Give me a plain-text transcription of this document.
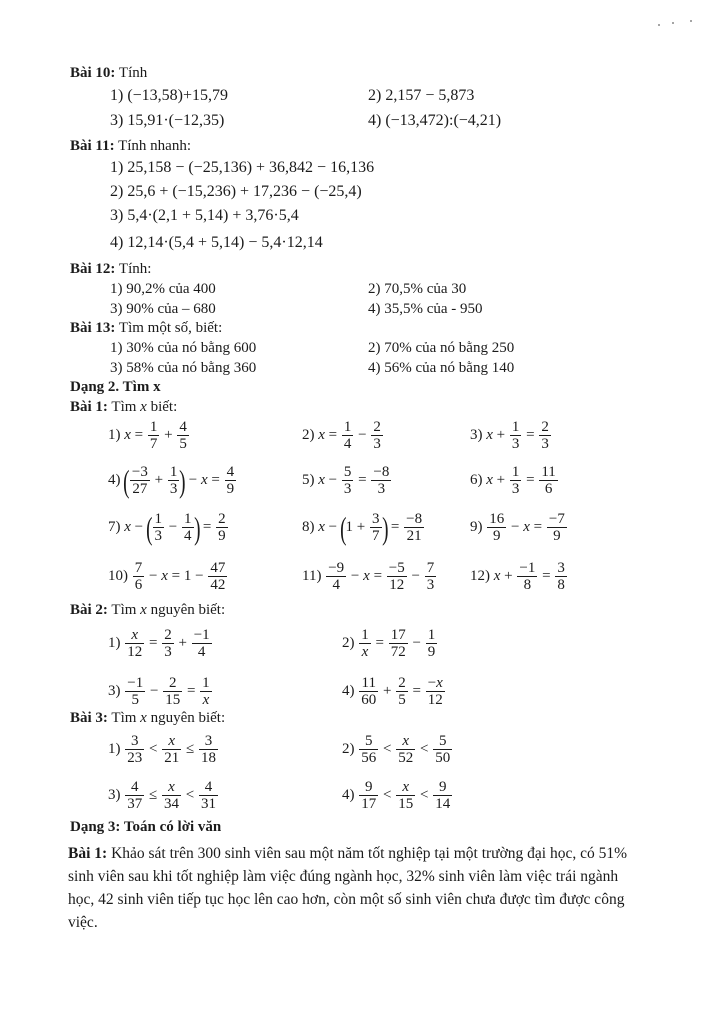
Bài 10: Tính
1) (−13,58)+15,79	2) 2,157 − 5,873
3) 15,91·(−12,35)	4) (−13,472):(−4,21)
Bài 11: Tính nhanh:
1) 25,158 − (−25,136) + 36,842 − 16,136
2) 25,6 + (−15,236) + 17,236 − (−25,4)
3) 5,4·(2,1 + 5,14) + 3,76·5,4
4) 12,14·(5,4 + 5,14) − 5,4·12,14
Bài 12: Tính:
1) 90,2% của 400	2) 70,5% của 30
3) 90% của – 680	4) 35,5% của - 950
Bài 13: Tìm một số, biết:
1) 30% của nó bằng 600	2) 70% của nó bằng 250
3) 58% của nó bằng 360	4) 56% của nó bằng 140
Dạng 2. Tìm x
Bài 1: Tìm x biết:
1) $x = \frac{1}{7} + \frac{4}{5}$	2) $x = \frac{1}{4} - \frac{2}{3}$	3) $x + \frac{1}{3} = \frac{2}{3}$
4) ( $\frac{-3}{27} + \frac{1}{3}$ ) − $x = \frac{4}{9}$	5) $x - \frac{5}{3} = \frac{-8}{3}$	6) $x + \frac{1}{3} = \frac{11}{6}$
7) x − ( $\frac{1}{3} - \frac{1}{4}$ ) = $\frac{2}{9}$	8) $x - (1 + \frac{3}{7}$ ) = $\frac{-8}{21}$	$9) \frac{16}{9} - x = \frac{-7}{9}$
$10) \frac{7}{6} - x = 1 - \frac{47}{42}$	$11) \frac{-9}{4} - x = \frac{-5}{12} - \frac{7}{3} 12$) $x + \frac{-1}{8} = \frac{3}{8}$
Bài 2: Tìm x nguyên biết:
$1) \frac{x}{12} = \frac{2}{3} + \frac{-1}{4}$	$2) \frac{1}{x} = \frac{17}{72} - \frac{1}{9}$
$3) \frac{-1}{5} - \frac{2}{15} = \frac{1}{x}$	$4) \frac{11}{60} + \frac{2}{5} = \frac{-x}{12}$
Bài 3: Tìm x nguyên biết:
$1) \frac{3}{23} < \frac{x}{21} \le \frac{3}{18}$	$2) \frac{5}{56} < \frac{x}{52} < \frac{5}{50}$
$3) \frac{4}{37} \le \frac{x}{34} < \frac{4}{31}$	$4) \frac{9}{17} < \frac{x}{15} < \frac{9}{14}$
Dạng 3: Toán có lời văn
Bài 1: Khảo sát trên 300 sinh viên sau một năm tốt nghiệp tại một trường đại học, có 51% sinh viên sau khi tốt nghiệp làm việc đúng ngành học, 32% sinh viên làm việc trái ngành học, 42 sinh viên tiếp tục học lên cao hơn, còn một số sinh viên chưa được tìm được công việc.
